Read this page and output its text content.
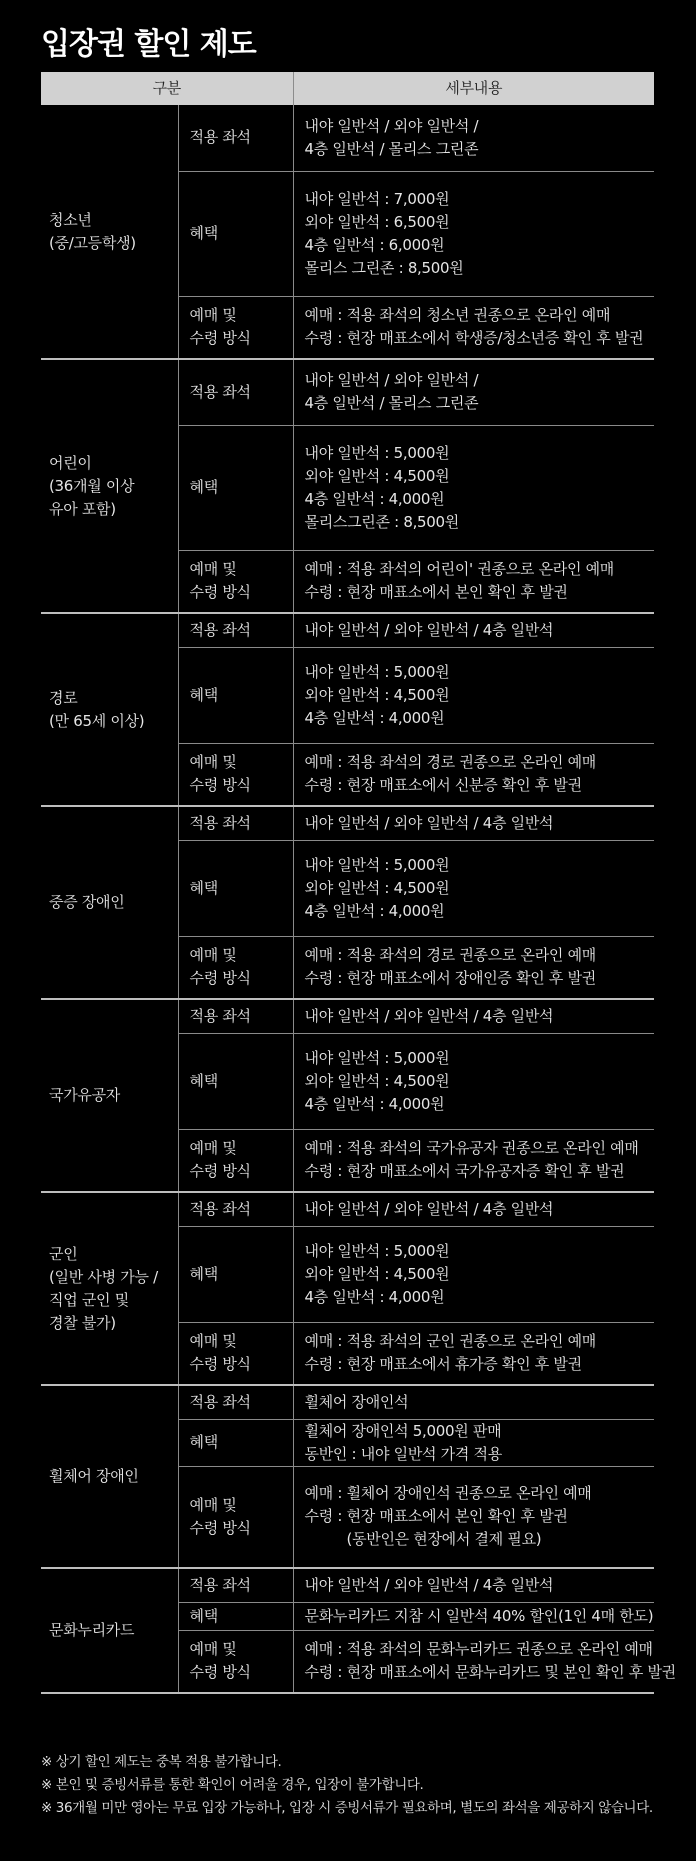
입장권 할인 제도
구분		세부내용

청소년
(중/고등학생)	적용 좌석	내야 일반석 / 외야 일반석 /
4층 일반석 / 몰리스 그린존

	혜택	내야 일반석 : 7,000원
외야 일반석 : 6,500원
4층 일반석 : 6,000원
몰리스 그린존 : 8,500원

	예매 및
수령 방식	예매 : 적용 좌석의 청소년 권종으로 온라인 예매
수령 : 현장 매표소에서 학생증/청소년증 확인 후 발권

어린이
(36개월 이상
유아 포함)	적용 좌석	내야 일반석 / 외야 일반석 /
4층 일반석 / 몰리스 그린존

	혜택	내야 일반석 : 5,000원
외야 일반석 : 4,500원
4층 일반석 : 4,000원
몰리스그린존 : 8,500원

	예매 및
수령 방식	예매 : 적용 좌석의 어린이' 권종으로 온라인 예매
수령 : 현장 매표소에서 본인 확인 후 발권

경로
(만 65세 이상)	적용 좌석	내야 일반석 / 외야 일반석 / 4층 일반석

	혜택	내야 일반석 : 5,000원
외야 일반석 : 4,500원
4층 일반석 : 4,000원

	예매 및
수령 방식	예매 : 적용 좌석의 경로 권종으로 온라인 예매
수령 : 현장 매표소에서 신분증 확인 후 발권

중증 장애인	적용 좌석	내야 일반석 / 외야 일반석 / 4층 일반석

	혜택	내야 일반석 : 5,000원
외야 일반석 : 4,500원
4층 일반석 : 4,000원

	예매 및
수령 방식	예매 : 적용 좌석의 경로 권종으로 온라인 예매
수령 : 현장 매표소에서 장애인증 확인 후 발권

국가유공자	적용 좌석	내야 일반석 / 외야 일반석 / 4층 일반석

	혜택	내야 일반석 : 5,000원
외야 일반석 : 4,500원
4층 일반석 : 4,000원

	예매 및
수령 방식	예매 : 적용 좌석의 국가유공자 권종으로 온라인 예매
수령 : 현장 매표소에서 국가유공자증 확인 후 발권

군인
(일반 사병 가능 /
직업 군인 및
경찰 불가)	적용 좌석	내야 일반석 / 외야 일반석 / 4층 일반석

	혜택	내야 일반석 : 5,000원
외야 일반석 : 4,500원
4층 일반석 : 4,000원

	예매 및
수령 방식	예매 : 적용 좌석의 군인 권종으로 온라인 예매
수령 : 현장 매표소에서 휴가증 확인 후 발권

휠체어 장애인	적용 좌석	휠체어 장애인석

	혜택	휠체어 장애인석 5,000원 판매
동반인 : 내야 일반석 가격 적용

	예매 및
수령 방식	예매 : 휠체어 장애인석 권종으로 온라인 예매
수령 : 현장 매표소에서 본인 확인 후 발권
(동반인은 현장에서 결제 필요)

문화누리카드	적용 좌석	내야 일반석 / 외야 일반석 / 4층 일반석

	혜택	문화누리카드 지참 시 일반석 40% 할인(1인 4매 한도)

	예매 및
수령 방식	예매 : 적용 좌석의 문화누리카드 권종으로 온라인 예매
수령 : 현장 매표소에서 문화누리카드 및 본인 확인 후 발권

※ 상기 할인 제도는 중복 적용 불가합니다.

※ 본인 및 증빙서류를 통한 확인이 어려울 경우, 입장이 불가합니다.

※ 36개월 미만 영아는 무료 입장 가능하나, 입장 시 증빙서류가 필요하며, 별도의 좌석을 제공하지 않습니다.
